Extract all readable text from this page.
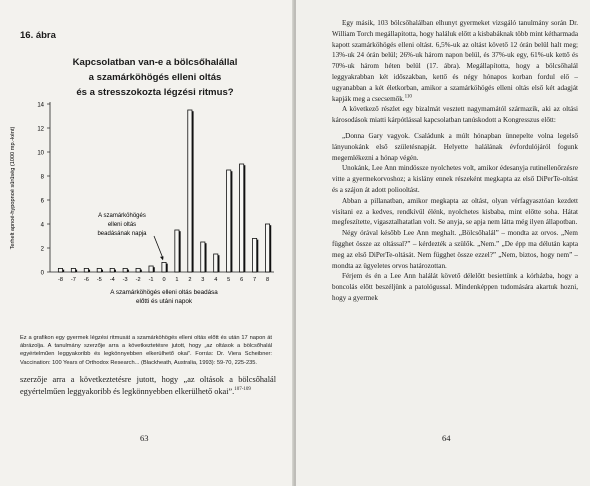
16. ábra
Kapcsolatban van-e a bölcsőhalállal
a szamárköhögés elleni oltás
és a stresszokozta légzési ritmus?
0
2
4
6
8
10
12
14
Terhelt apnoé-hypopnoé sűrűség (1000 mp.-ként)
-8 -7 -6 -5 -4 -3 -2 -1 0 1 2 3 4 5 6 7 8
A szamárköhögés
elleni oltás
beadásának napja
A szamárköhögés elleni oltás beadása
előtti és utáni napok
Ez a grafikon egy gyermek légzési ritmusát a szamárköhögés elleni oltás előtt és után 17 napon át ábrázolja. A tanulmány szerzője arra a következtetésre jutott, hogy „az oltások a bölcsőhalál egyértelműen leggyakoribb és legkönnyebben elkerülhető okai”. Forrás: Dr. Viera Scheibner: Vaccination: 100 Years of Orthodox Research... (Blackheath, Australia, 1993): 59-70, 225-235.
szerzője arra a következtetésre jutott, hogy „az oltások a bölcsőhalál egyértelműen leggyakoribb és legkönnyebben elkerülhető okai”.$^{107-109}$
63

Egy másik, 103 bölcsőhalálban elhunyt gyermeket vizsgáló tanulmány során Dr. William Torch megállapította, hogy haláluk előtt a kisbabáknak több mint kétharmada kapott szamárköhögés elleni oltást. 6,5%-uk az oltást követő 12 órán belül halt meg; 13%-uk 24 órán belül; 26%-uk három napon belül, és 37%-uk egy, 61%-uk kettő és 70%-uk három héten belül (17. ábra). Megállapította, hogy a bölcsőhalál leggyakrabban két időszakban, kettő és négy hónapos korban fordul elő – ugyanabban a két életkorban, amikor a szamárköhögés elleni oltás első két adagját kapják meg a csecsemők.$^{110}$

A következő részlet egy bizalmát vesztett nagymamától származik, aki az oltási károsodások miatti kárpótlással kapcsolatban tanúskodott a Kongresszus előtt:

„Donna Gary vagyok. Családunk a múlt hónapban ünnepelte volna legelső lányunokánk első születésnapját. Helyette halálának évfordulójáról fogunk megemlékezni a hónap végén.

Unokánk, Lee Ann mindössze nyolchetes volt, amikor édesanyja rutinellenőrzésre vitte a gyermekorvoshoz; a kislány ennek részeként megkapta az első DiPerTe-oltást és a szájon át adott poliooltást.

Abban a pillanatban, amikor megkapta az oltást, olyan vérfagyasztóan kezdett visítani ez a kedves, rendkívül élénk, nyolchetes kisbaba, mint előtte soha. Hátat megfeszítette, vigasztalhatatlan volt. Se anyja, se apja nem látta még ilyen állapotban.

Négy órával később Lee Ann meghalt. „Bölcsőhalál” – mondta az orvos. „Nem függhet össze az oltással?” – kérdezték a szülők. „Nem.” „De épp ma délután kapta meg az első DiPerTe-oltását. Nem függhet össze ezzel?” „Nem, biztos, hogy nem” – mondta az ügyeletes orvos határozottan.

Férjem és én a Lee Ann halálát követő délelőtt besiettünk a kórházba, hogy a boncolás előtt beszéljünk a patológussal. Mindenképpen tudomására akartuk hozni, hogy a gyermek

64
